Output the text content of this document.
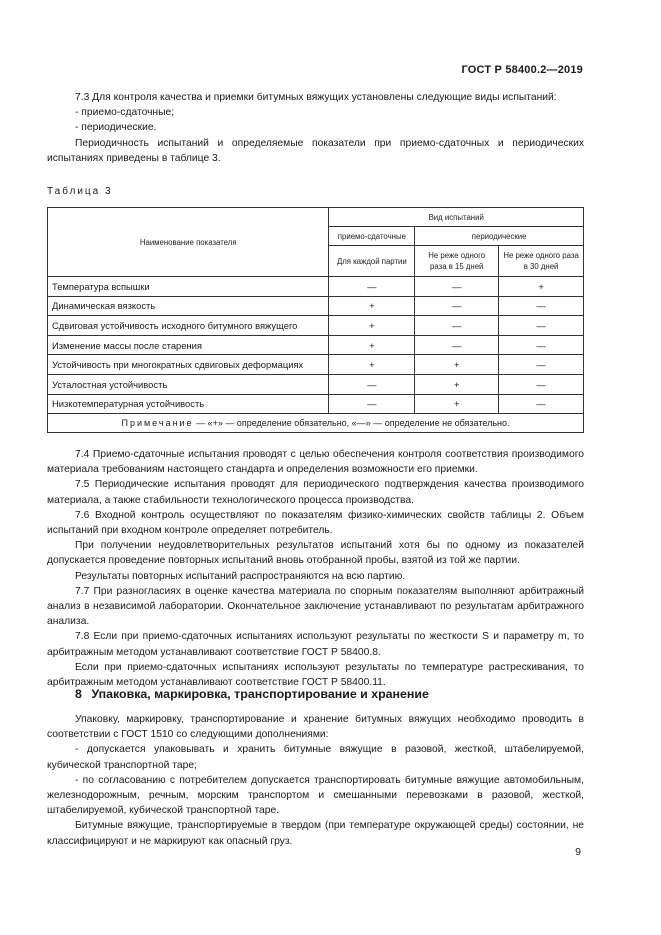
ГОСТ Р 58400.2—2019

7.3 Для контроля качества и приемки битумных вяжущих установлены следующие виды испытаний:

- приемо-сдаточные;

- периодические.

Периодичность испытаний и определяемые показатели при приемо-сдаточных и периодических испытаниях приведены в таблице 3.

Таблица 3
Наименование показателя	Вид испытаний		
	приемо-сдаточные	периодические	
	Для каждой партии	Не реже одного раза в 15 дней	Не реже одного раза в 30 дней
Температура вспышки	—	—	+
Динамическая вязкость	+	—	—
Сдвиговая устойчивость исходного битумного вяжущего	+	—	—
Изменение массы после старения	+	—	—
Устойчивость при многократных сдвиговых деформациях	+	+	—
Усталостная устойчивость	—	+	—
Низкотемпературная устойчивость	—	+	—
Примечание — «+» — определение обязательно, «—» — определение не обязательно.			

7.4 Приемо-сдаточные испытания проводят с целью обеспечения контроля соответствия производимого материала требованиям настоящего стандарта и определения возможности его приемки.

7.5 Периодические испытания проводят для периодического подтверждения качества производимого материала, а также стабильности технологического процесса производства.

7.6 Входной контроль осуществляют по показателям физико-химических свойств таблицы 2. Объем испытаний при входном контроле определяет потребитель.

При получении неудовлетворительных результатов испытаний хотя бы по одному из показателей допускается проведение повторных испытаний вновь отобранной пробы, взятой из той же партии.

Результаты повторных испытаний распространяются на всю партию.

7.7 При разногласиях в оценке качества материала по спорным показателям выполняют арбитражный анализ в независимой лаборатории. Окончательное заключение устанавливают по результатам арбитражного анализа.

7.8 Если при приемо-сдаточных испытаниях используют результаты по жесткости S и параметру m, то арбитражным методом устанавливают соответствие ГОСТ Р 58400.8.

Если при приемо-сдаточных испытаниях используют результаты по температуре растрескивания, то арбитражным методом устанавливают соответствие ГОСТ Р 58400.11.

8 Упаковка, маркировка, транспортирование и хранение

Упаковку, маркировку, транспортирование и хранение битумных вяжущих необходимо проводить в соответствии с ГОСТ 1510 со следующими дополнениями:

- допускается упаковывать и хранить битумные вяжущие в разовой, жесткой, штабелируемой, кубической транспортной таре;

- по согласованию с потребителем допускается транспортировать битумные вяжущие автомобильным, железнодорожным, речным, морским транспортом и смешанными перевозками в разовой, жесткой, штабелируемой, кубической транспортной таре.

Битумные вяжущие, транспортируемые в твердом (при температуре окружающей среды) состоянии, не классифицируют и не маркируют как опасный груз.

9
